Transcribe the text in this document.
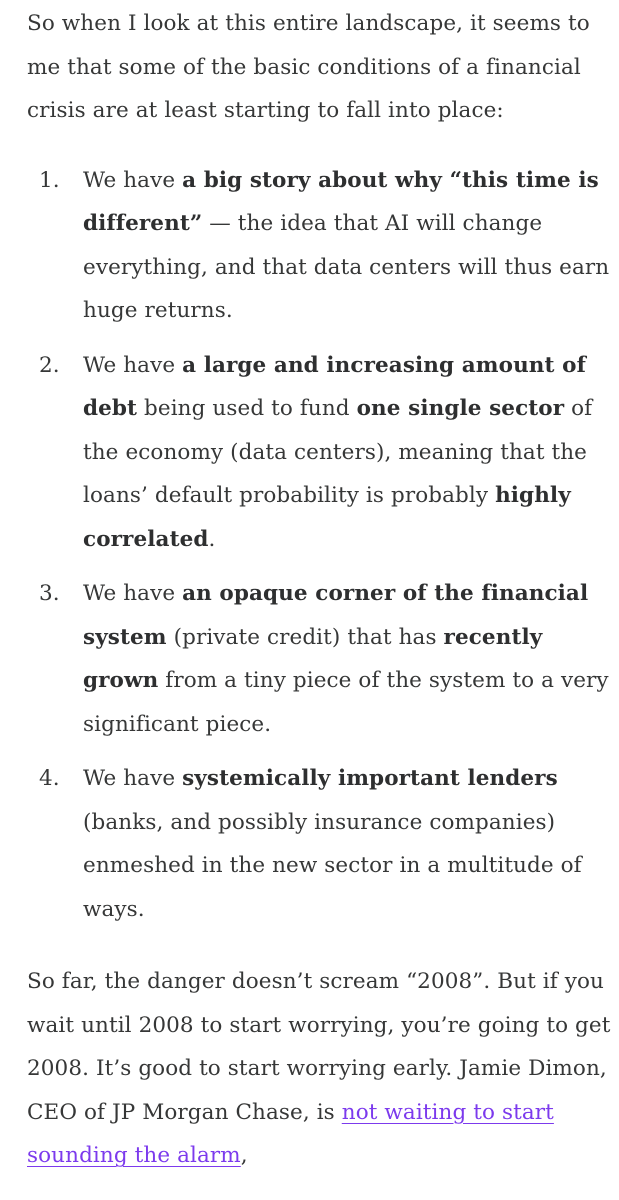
So when I look at this entire landscape, it seems to me that some of the basic conditions of a financial crisis are at least starting to fall into place:

1. We have a big story about why “this time is different” — the idea that AI will change everything, and that data centers will thus earn huge returns.
2. We have a large and increasing amount of debt being used to fund one single sector of the economy (data centers), meaning that the loans’ default probability is probably highly correlated.
3. We have an opaque corner of the financial system (private credit) that has recently grown from a tiny piece of the system to a very significant piece.
4. We have systemically important lenders (banks, and possibly insurance companies) enmeshed in the new sector in a multitude of ways.

So far, the danger doesn’t scream “2008”. But if you wait until 2008 to start worrying, you’re going to get 2008. It’s good to start worrying early. Jamie Dimon, CEO of JP Morgan Chase, is not waiting to start sounding the alarm,
